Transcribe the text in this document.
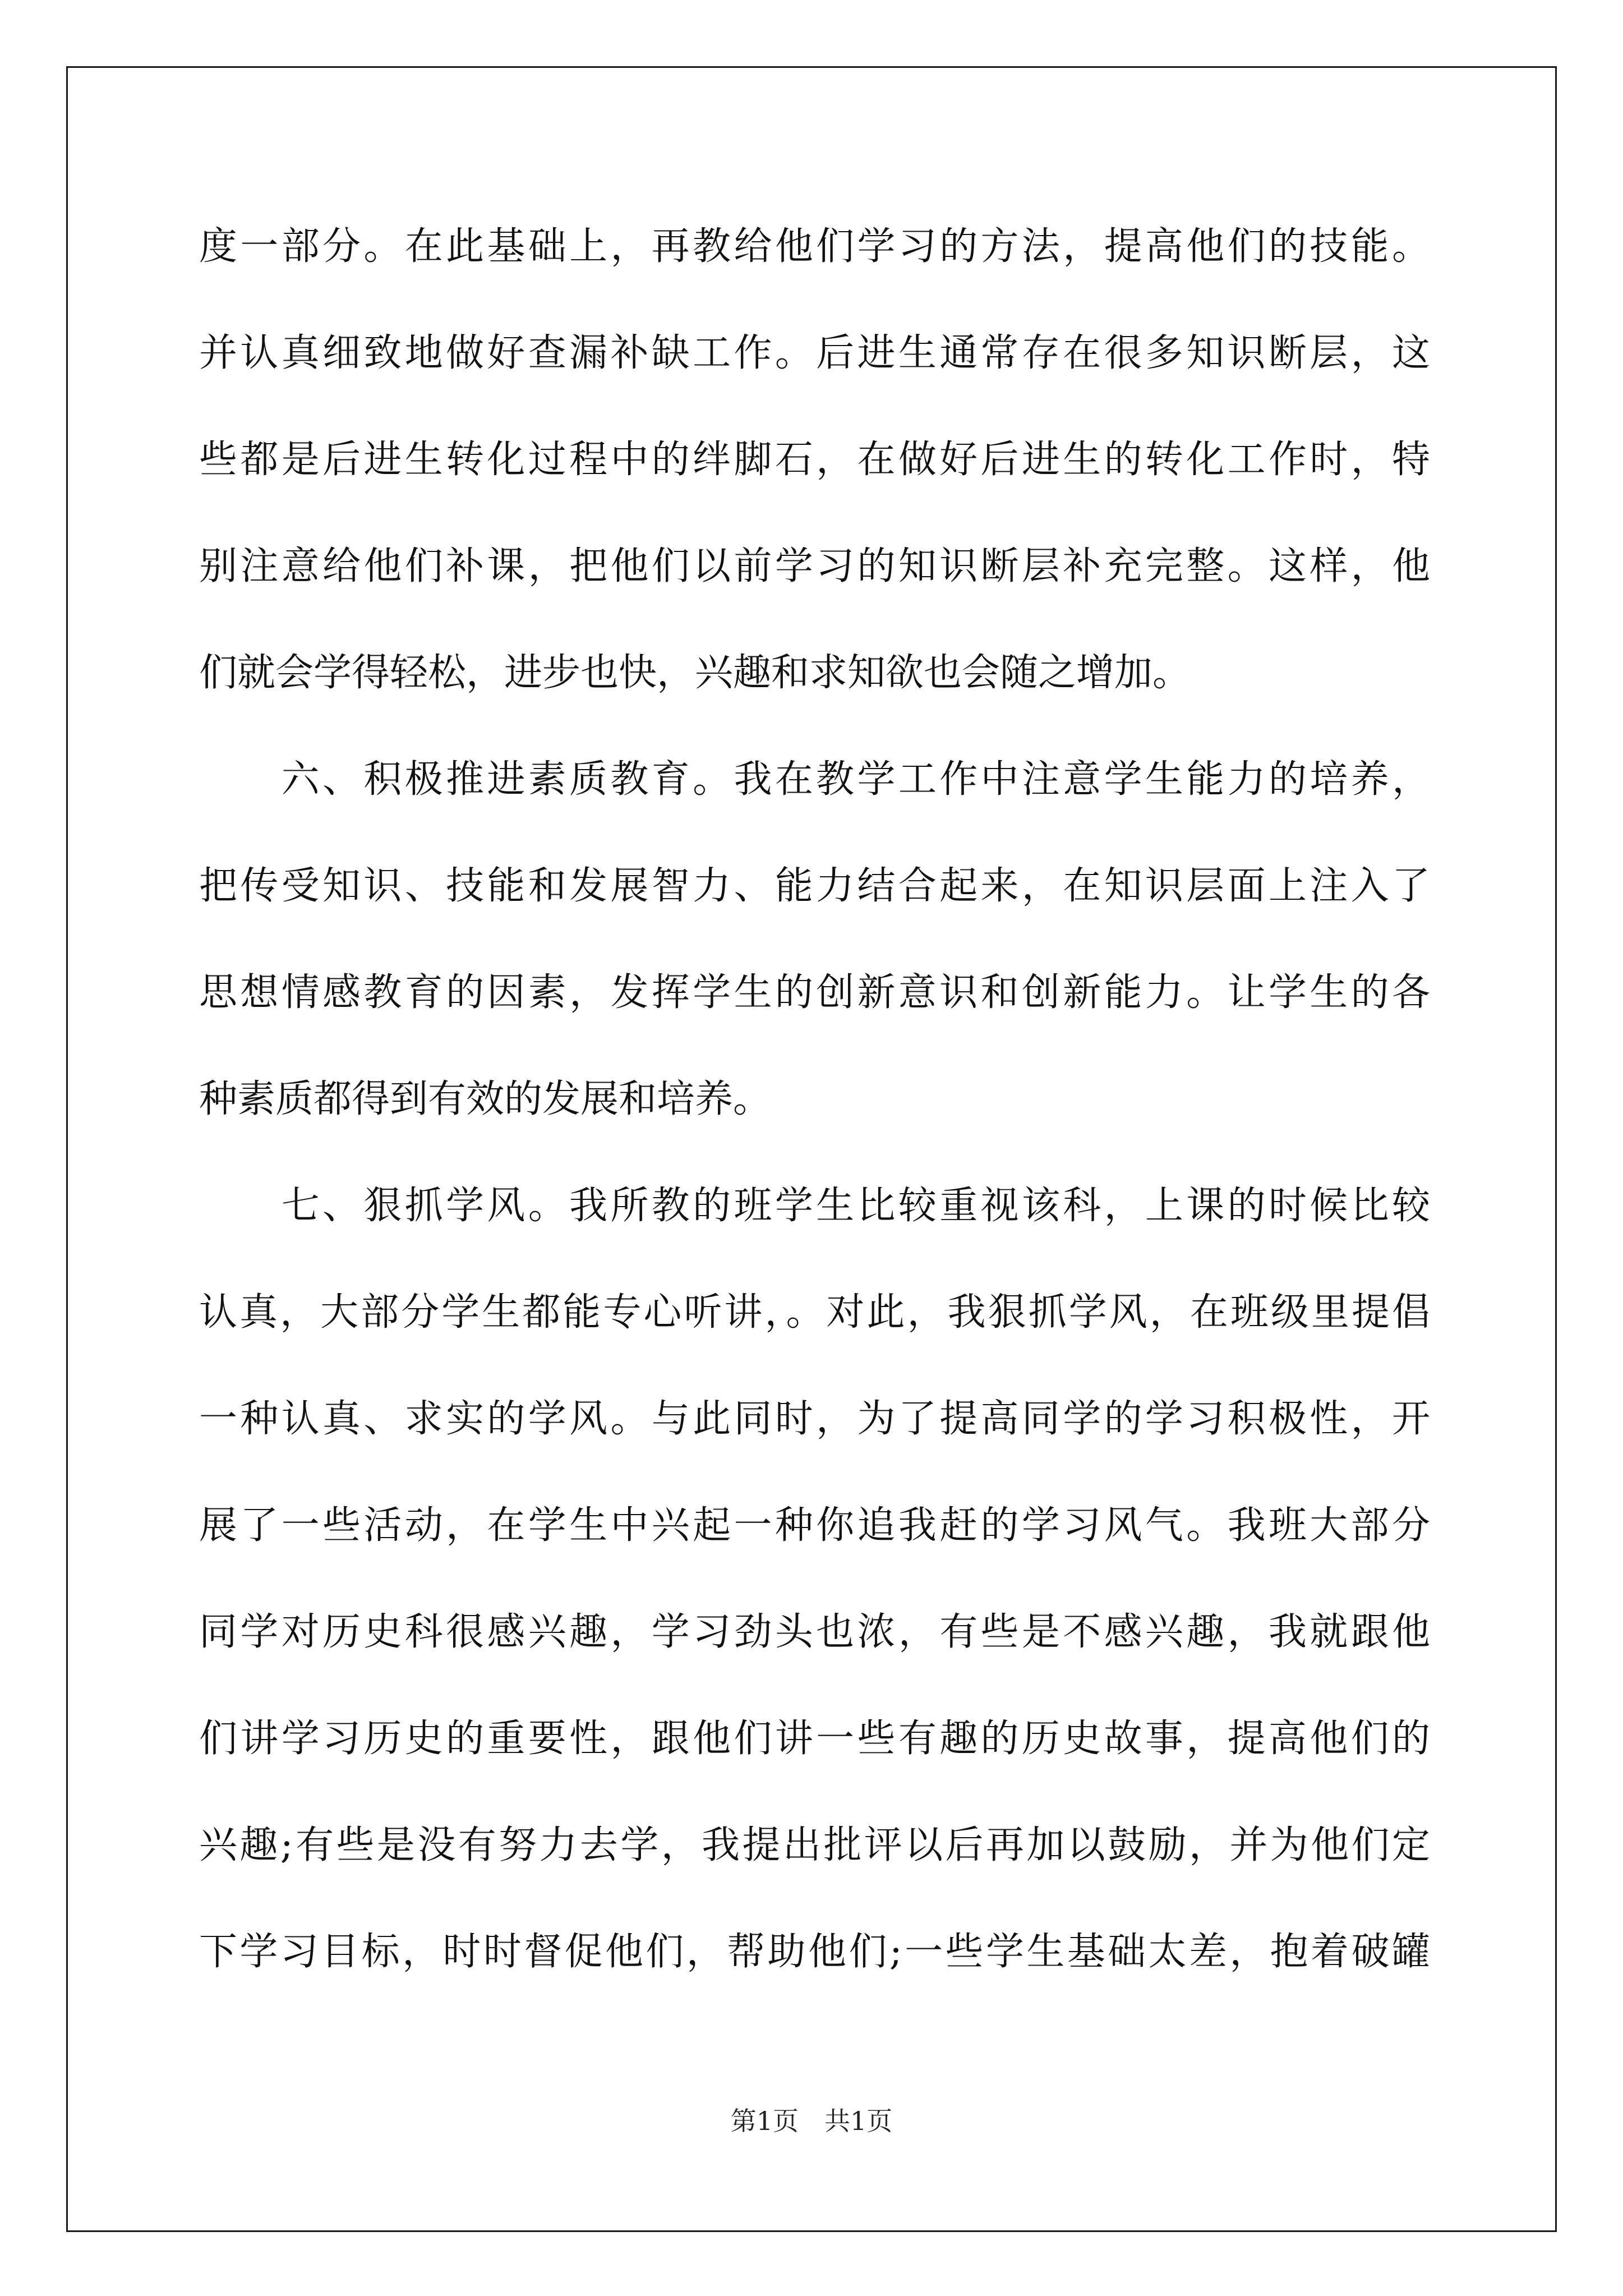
度一部分。在此基础上，再教给他们学习的方法，提高他们的技能。
并认真细致地做好查漏补缺工作。后进生通常存在很多知识断层，这
些都是后进生转化过程中的绊脚石，在做好后进生的转化工作时，特
别注意给他们补课，把他们以前学习的知识断层补充完整。这样，他
们就会学得轻松，进步也快，兴趣和求知欲也会随之增加。
　　六、积极推进素质教育。我在教学工作中注意学生能力的培养，
把传受知识、技能和发展智力、能力结合起来，在知识层面上注入了
思想情感教育的因素，发挥学生的创新意识和创新能力。让学生的各
种素质都得到有效的发展和培养。
　　七、狠抓学风。我所教的班学生比较重视该科，上课的时候比较
认真，大部分学生都能专心听讲，。对此，我狠抓学风，在班级里提倡
一种认真、求实的学风。与此同时，为了提高同学的学习积极性，开
展了一些活动，在学生中兴起一种你追我赶的学习风气。我班大部分
同学对历史科很感兴趣，学习劲头也浓，有些是不感兴趣，我就跟他
们讲学习历史的重要性，跟他们讲一些有趣的历史故事，提高他们的
兴趣;有些是没有努力去学，我提出批评以后再加以鼓励，并为他们定
下学习目标，时时督促他们，帮助他们;一些学生基础太差，抱着破罐
第1页　共1页
